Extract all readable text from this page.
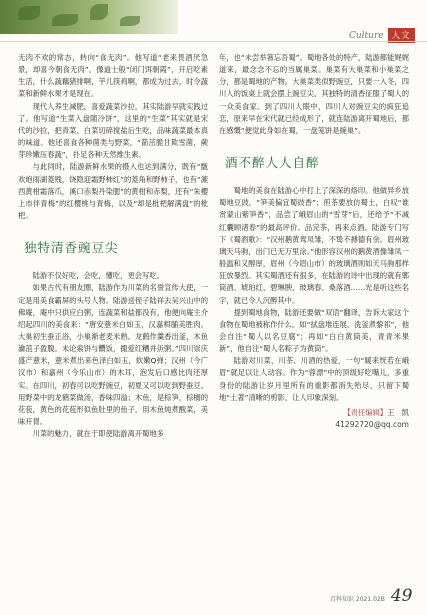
Culture 人文

无肉不欢的常态，转向“食无肉”。他写道“老来畏酒厌急景，却喜今朝食无肉”，像道士般“闭门饵朝霞”，开启吃素生活，什么蔬藕猪排啊，芋儿筷鸡啊，都成为过去，时令蔬菜和新鲜水果才是现在。

现代人养生减肥，喜爱蔬菜沙拉，其实陆游早就实践过了。他写道“生菜入盘随冷饼”，这里的“生菜”其实就是宋代的沙拉，把青菜、白菜切碎搅盐后生吃，品味蔬菜最本真的味道。他还喜食各种菌类与野菜，“箭茁脆甘欺雪菌，蕨芽珍嫩压春蔬”，扑足各种天然维生素。

与此同时，陆游新鲜水果的摄入也达到满分，既有“甑欢炮雨湖菱贱，饶隐迎霜野柿红”的菱角和野柿子，也有“漉西黄柑霜落爪，溪口赤梨丹染腮”的黄柑和赤梨，还有“朱樱上市伴青梅”的红樱桃与青梅，以及“却是枇杷解满盘”的枇杷。

独特清香豌豆尖

陆游不仅好吃，会吃，懂吃，更会写吃。

如果古代有朋友圈，陆游作为川菜的名誉宣传大使，一定是用美食霸屏的头号人物。陆游送侄子陆祥去吴兴山中的佛庵，庵中只供应白粥，连蔬菜和盐都没有，他便向庵主介绍起四川的美食来：“唐安薏米白如玉，汉嘉栮脯美胜肉。大巢初生蚕正浴，小巢渐老麦米熟。龙鹤作羹香出釜，木鱼瀹菹子盈腹。未论索饼与饡饭，掫爱红糟并缹粥。”四川崇庆盛产薏米，薏米煮出来色泽白如玉，软嫩Q弹；汉州（今广汉市）和嘉州（今乐山市）的木耳，泡发后口感比肉还厚实。在四川，初春可以吃野豌豆，初夏又可以吃到野蚕豆。用野菜中的龙鹤菜做汤，香味四溢；木鱼，是棕笋，棕榈的花苞，黄色的花苞形似鱼肚里的鱼子，用木鱼炖煮酸菜，美味开胃。

川菜的魅力，就在于即使陆游离开蜀地多

年，也“未尝举箸忘吾蜀”。蜀地各处的特产，陆游都能娓娓道来，最念念不忘的当属巢菜。巢菜有大巢菜和小巢菜之分，都是蜀地的产物。大巢菜类似野豌豆，只要一入冬，四川人的饭桌上就会摆上豌豆尖，其独特的清香征服了蜀人的一众美食家。到了四川人眼中，四川人对豌豆尖的疯狂追恋，原来早在宋代就已经成形了，就连陆游离开蜀地后，都在感慨“便觉此身如在蜀，一盘笼饼是豌巢”。

酒不醉人人自醉

蜀地的美食在陆游心中打上了深深的烙印。他做异乡放蜀地豆豉，“笋美偏宜蜀豉香”；煎茶要放仿蜀土，白叹“谁赏蒙山紫笋香”，品尝了峨眉山的“雪芽”后，还给予“不减红囊顾渚春”的最高评价。品完茶，再来点酒。陆游专门写下《蜀酒歌》：“汉州鹅黄鸾凤雏，不鸷不搏德有余。眉州玻璃天马驹，出门已无万里涂。”他形容汉州的鹅黄酒像雏凤一般温和又醇厚，眉州（今眉山市）的玻璃酒则如天马驹那样狂放暴烈。其实蜀酒还有很多，在陆游的诗中出现的就有郫筒酒、琥珀红、碧琳腴、玻璃春、桑落酒……光是听这些名字，就已令人沉醉其中。

提到蜀地食物，陆游还要做“双语”翻译，告诉大家这个食物在蜀地被称作什么。如“拭盘堆连展，洗釜煮黎祁”，他会自注“蜀人以名豆腐”；再如“白白黄筒美，青青米果新”，他自注“蜀人名粽子为黄筒”。

陆游对川菜、川茶、川酒的热爱，一句“暖来恍若在峨眉”就足以让人动容。作为“蓉漂”中的顶级好吃嘴儿，多重身份的陆游让岁月里所有的重影都消失殆尽，只留下蜀地“土著”清晰的剪影，让人印象深刻。

【责任编辑】王　凯
41292720@qq.com
百科知识 2021.02B 49
